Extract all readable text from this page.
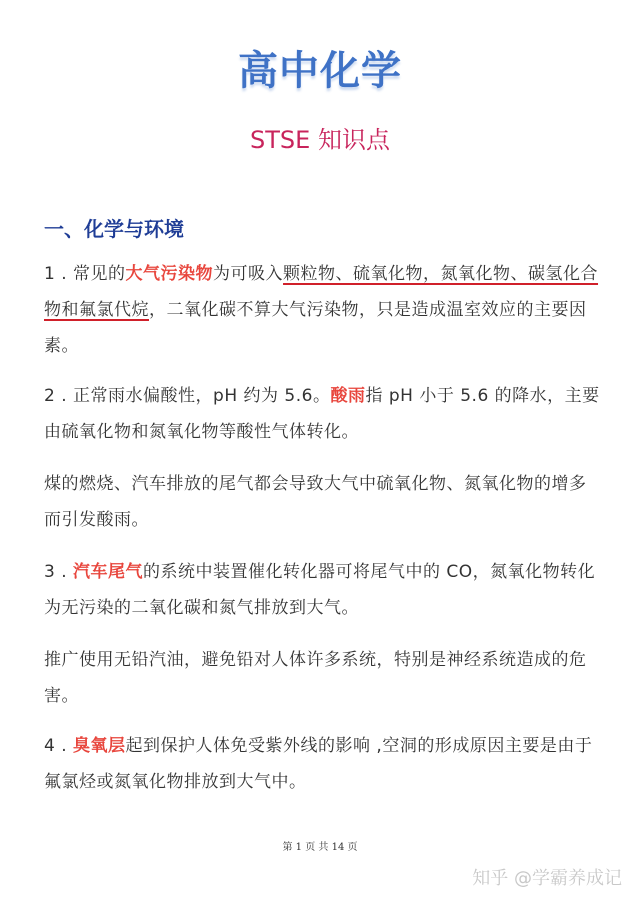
高中化学
STSE 知识点
一、化学与环境
1 . 常见的大气污染物为可吸入颗粒物、硫氧化物，氮氧化物、碳氢化合物和氟氯代烷，二氧化碳不算大气污染物，只是造成温室效应的主要因素。
2 . 正常雨水偏酸性，pH 约为 5.6。酸雨指 pH 小于 5.6 的降水，主要由硫氧化物和氮氧化物等酸性气体转化。
煤的燃烧、汽车排放的尾气都会导致大气中硫氧化物、氮氧化物的增多而引发酸雨。
3 . 汽车尾气的系统中装置催化转化器可将尾气中的 CO，氮氧化物转化为无污染的二氧化碳和氮气排放到大气。
推广使用无铅汽油，避免铅对人体许多系统，特别是神经系统造成的危害。
4 . 臭氧层起到保护人体免受紫外线的影响 ,空洞的形成原因主要是由于氟氯烃或氮氧化物排放到大气中。
第 1 页 共 14 页
知乎 @学霸养成记
